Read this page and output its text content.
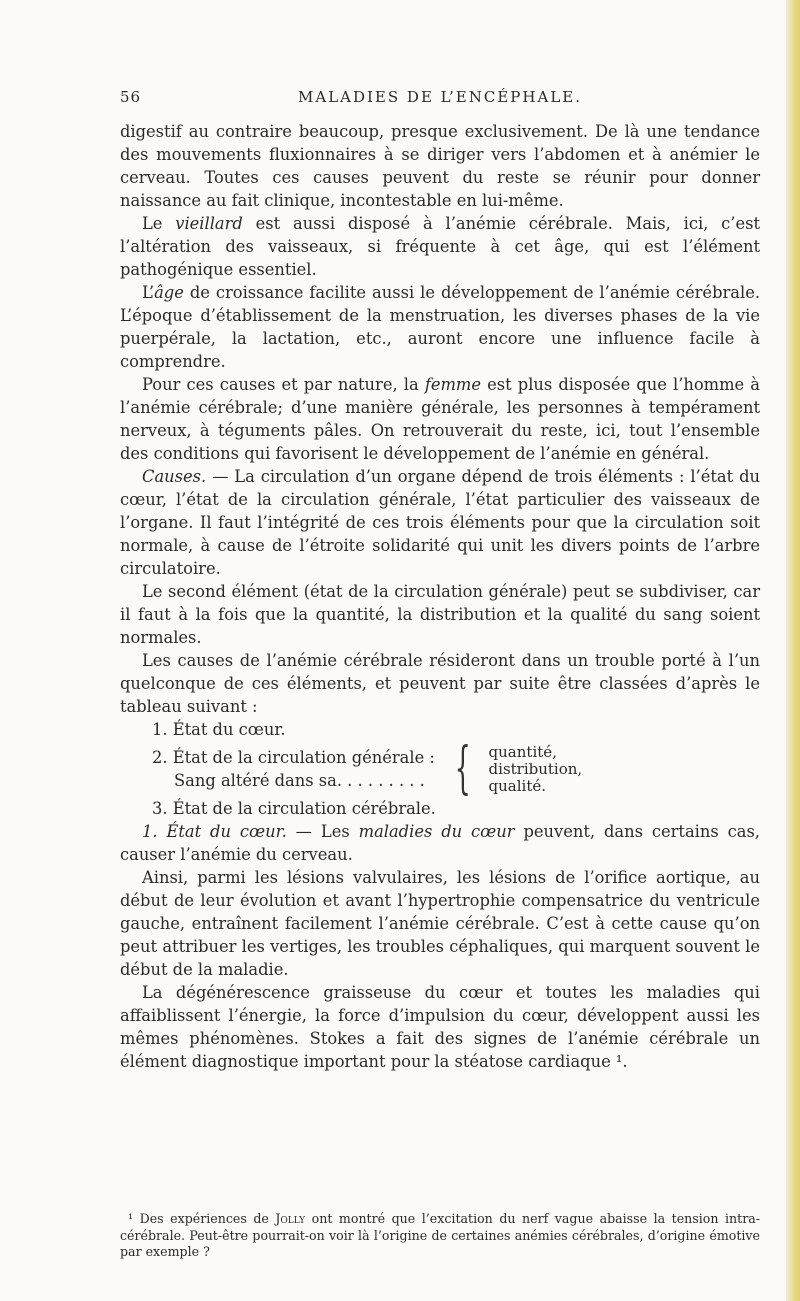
56	MALADIES DE L’ENCÉPHALE.

digestif au contraire beaucoup, presque exclusivement. De là une tendance des mouvements fluxionnaires à se diriger vers l’abdomen et à anémier le cerveau. Toutes ces causes peuvent du reste se réunir pour donner naissance au fait clinique, incontestable en lui-même.

Le vieillard est aussi disposé à l’anémie cérébrale. Mais, ici, c’est l’altération des vaisseaux, si fréquente à cet âge, qui est l’élément pathogénique essentiel.

L’âge de croissance facilite aussi le développement de l’anémie cérébrale. L’époque d’établissement de la menstruation, les diverses phases de la vie puerpérale, la lactation, etc., auront encore une influence facile à comprendre.

Pour ces causes et par nature, la femme est plus disposée que l’homme à l’anémie cérébrale; d’une manière générale, les personnes à tempérament nerveux, à téguments pâles. On retrouverait du reste, ici, tout l’ensemble des conditions qui favorisent le développement de l’anémie en général.

Causes. — La circulation d’un organe dépend de trois éléments : l’état du cœur, l’état de la circulation générale, l’état particulier des vaisseaux de l’organe. Il faut l’intégrité de ces trois éléments pour que la circulation soit normale, à cause de l’étroite solidarité qui unit les divers points de l’arbre circulatoire.

Le second élément (état de la circulation générale) peut se subdiviser, car il faut à la fois que la quantité, la distribution et la qualité du sang soient normales.

Les causes de l’anémie cérébrale résideront dans un trouble porté à l’un quelconque de ces éléments, et peuvent par suite être classées d’après le tableau suivant :

1. État du cœur.
2. État de la circulation générale :
Sang altéré dans sa. . . . . . . . . { quantité,
distribution,
qualité.
3. État de la circulation cérébrale.

1. État du cœur. — Les maladies du cœur peuvent, dans certains cas, causer l’anémie du cerveau.

Ainsi, parmi les lésions valvulaires, les lésions de l’orifice aortique, au début de leur évolution et avant l’hypertrophie compensatrice du ventricule gauche, entraînent facilement l’anémie cérébrale. C’est à cette cause qu’on peut attribuer les vertiges, les troubles céphaliques, qui marquent souvent le début de la maladie.

La dégénérescence graisseuse du cœur et toutes les maladies qui affaiblissent l’énergie, la force d’impulsion du cœur, développent aussi les mêmes phénomènes. Stokes a fait des signes de l’anémie cérébrale un élément diagnostique important pour la stéatose cardiaque ¹.

¹ Des expériences de Jolly ont montré que l’excitation du nerf vague abaisse la tension intra-cérébrale. Peut-être pourrait-on voir là l’origine de certaines anémies cérébrales, d’origine émotive par exemple ?
